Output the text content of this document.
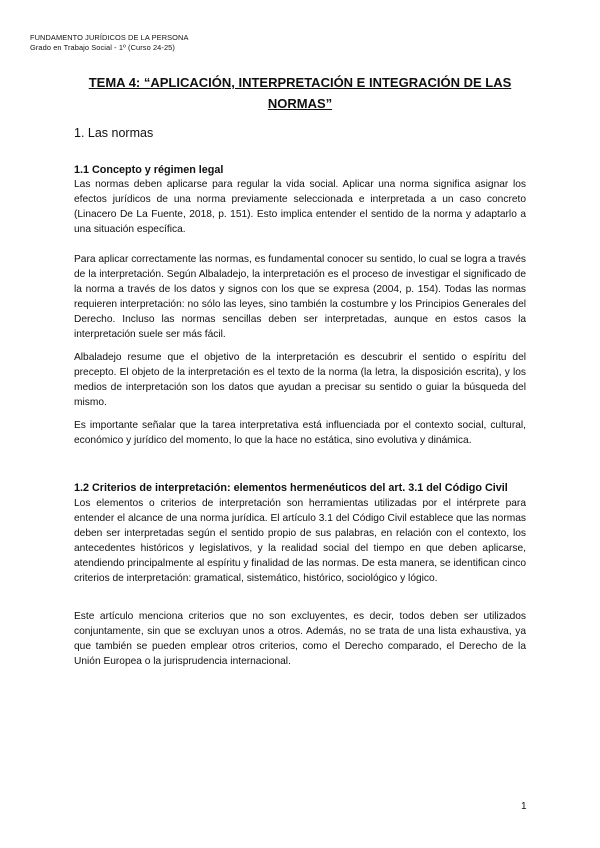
FUNDAMENTO JURÍDICOS DE LA PERSONA
Grado en Trabajo Social - 1º (Curso 24-25)
TEMA 4: “APLICACIÓN, INTERPRETACIÓN E INTEGRACIÓN DE LAS NORMAS”
1. Las normas
1.1 Concepto y régimen legal

Las normas deben aplicarse para regular la vida social. Aplicar una norma significa asignar los efectos jurídicos de una norma previamente seleccionada e interpretada a un caso concreto (Linacero De La Fuente, 2018, p. 151). Esto implica entender el sentido de la norma y adaptarlo a una situación específica.

Para aplicar correctamente las normas, es fundamental conocer su sentido, lo cual se logra a través de la interpretación. Según Albaladejo, la interpretación es el proceso de investigar el significado de la norma a través de los datos y signos con los que se expresa (2004, p. 154). Todas las normas requieren interpretación: no sólo las leyes, sino también la costumbre y los Principios Generales del Derecho. Incluso las normas sencillas deben ser interpretadas, aunque en estos casos la interpretación suele ser más fácil.

Albaladejo resume que el objetivo de la interpretación es descubrir el sentido o espíritu del precepto. El objeto de la interpretación es el texto de la norma (la letra, la disposición escrita), y los medios de interpretación son los datos que ayudan a precisar su sentido o guiar la búsqueda del mismo.

Es importante señalar que la tarea interpretativa está influenciada por el contexto social, cultural, económico y jurídico del momento, lo que la hace no estática, sino evolutiva y dinámica.

1.2 Criterios de interpretación: elementos hermenéuticos del art. 3.1 del Código Civil

Los elementos o criterios de interpretación son herramientas utilizadas por el intérprete para entender el alcance de una norma jurídica. El artículo 3.1 del Código Civil establece que las normas deben ser interpretadas según el sentido propio de sus palabras, en relación con el contexto, los antecedentes históricos y legislativos, y la realidad social del tiempo en que deben aplicarse, atendiendo principalmente al espíritu y finalidad de las normas. De esta manera, se identifican cinco criterios de interpretación: gramatical, sistemático, histórico, sociológico y lógico.

Este artículo menciona criterios que no son excluyentes, es decir, todos deben ser utilizados conjuntamente, sin que se excluyan unos a otros. Además, no se trata de una lista exhaustiva, ya que también se pueden emplear otros criterios, como el Derecho comparado, el Derecho de la Unión Europea o la jurisprudencia internacional.

1
